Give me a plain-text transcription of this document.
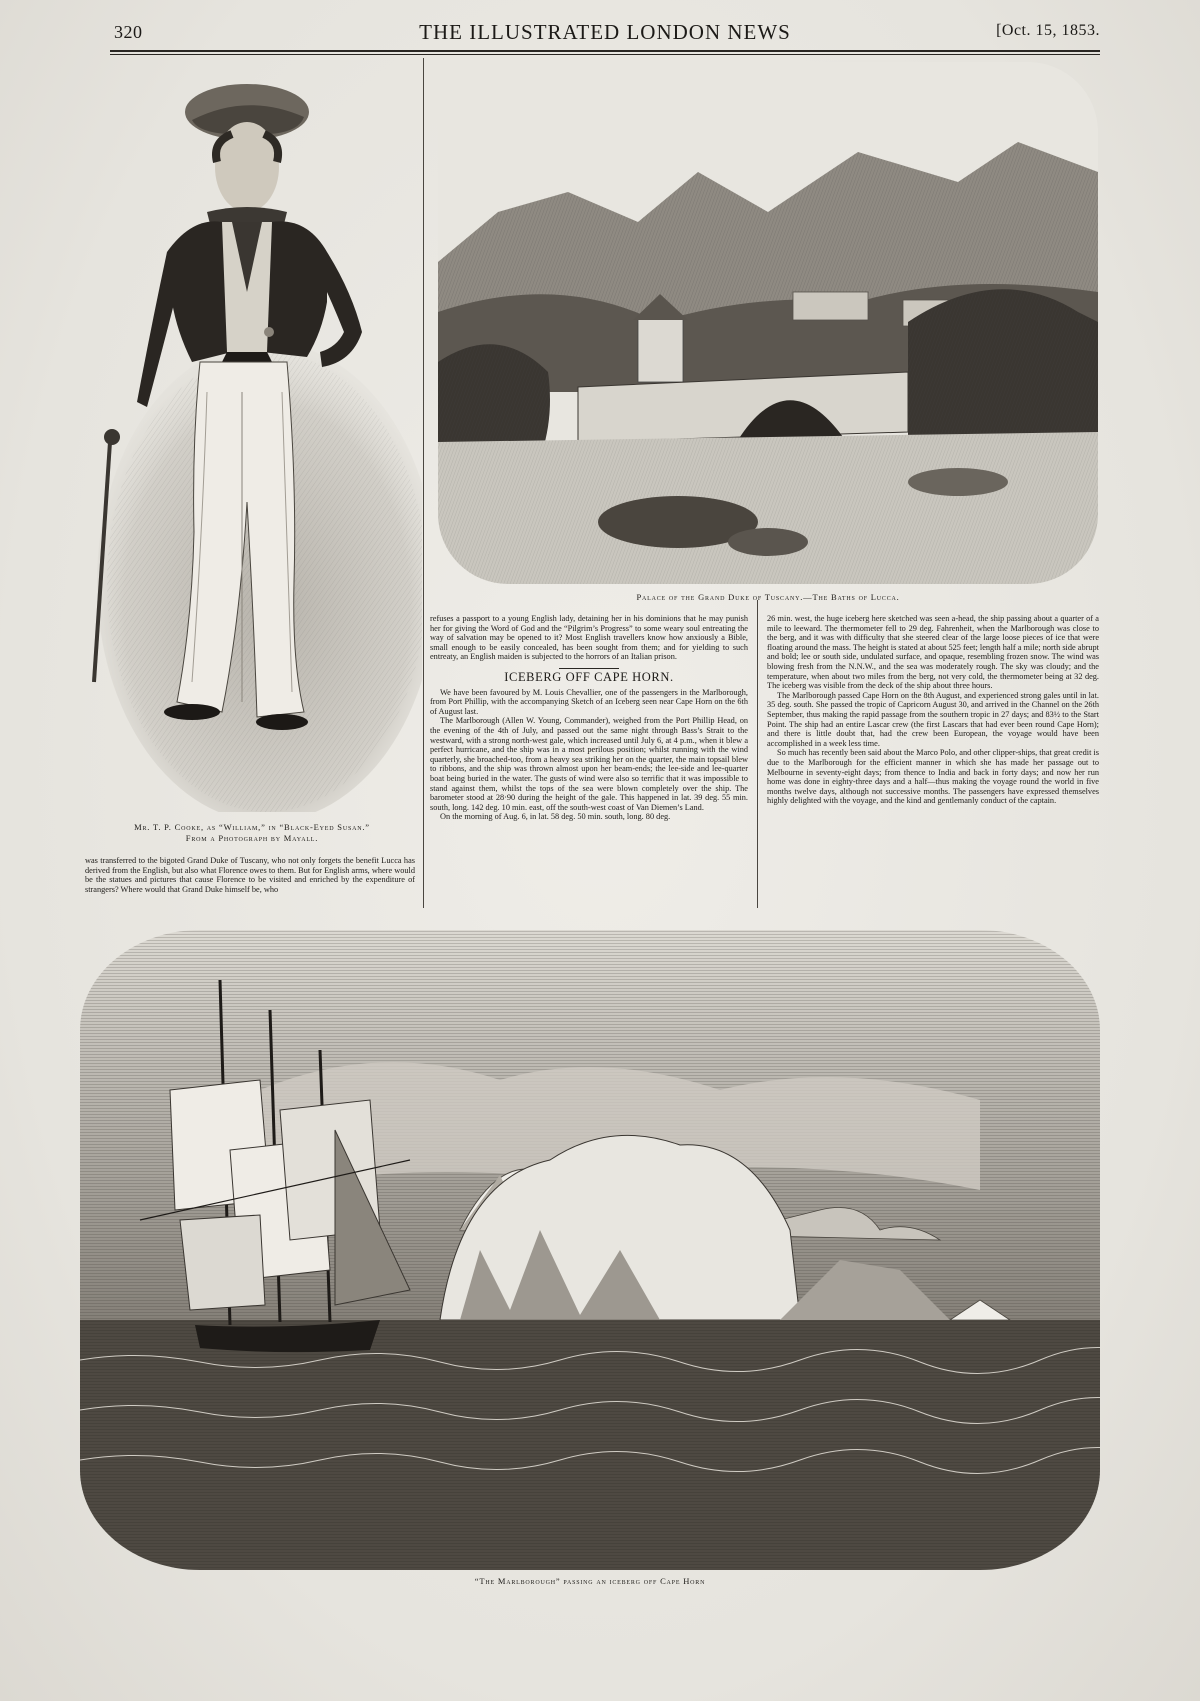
320	THE ILLUSTRATED LONDON NEWS	[Oct. 15, 1853.
Mr. T. P. Cooke, as “William,” in “Black-Eyed Susan.”
From a Photograph by Mayall.
Palace of the Grand Duke of Tuscany.—The Baths of Lucca.

was transferred to the bigoted Grand Duke of Tuscany, who not only forgets the benefit Lucca has derived from the English, but also what Florence owes to them. But for English arms, where would be the statues and pictures that cause Florence to be visited and enriched by the expenditure of strangers? Where would that Grand Duke himself be, who

refuses a passport to a young English lady, detaining her in his dominions that he may punish her for giving the Word of God and the “Pilgrim’s Progress” to some weary soul entreating the way of salvation may be opened to it? Most English travellers know how anxiously a Bible, small enough to be easily concealed, has been sought from them; and for yielding to such entreaty, an English maiden is subjected to the horrors of an Italian prison.

ICEBERG OFF CAPE HORN.

We have been favoured by M. Louis Chevallier, one of the passengers in the Marlborough, from Port Phillip, with the accompanying Sketch of an Iceberg seen near Cape Horn on the 6th of August last.

The Marlborough (Allen W. Young, Commander), weighed from the Port Phillip Head, on the evening of the 4th of July, and passed out the same night through Bass’s Strait to the westward, with a strong north-west gale, which increased until July 6, at 4 p.m., when it blew a perfect hurricane, and the ship was in a most perilous position; whilst running with the wind quarterly, she broached-too, from a heavy sea striking her on the quarter, the main topsail blew to ribbons, and the ship was thrown almost upon her beam-ends; the lee-side and lee-quarter boat being buried in the water. The gusts of wind were also so terrific that it was impossible to stand against them, whilst the tops of the sea were blown completely over the ship. The barometer stood at 28·90 during the height of the gale. This happened in lat. 39 deg. 55 min. south, long. 142 deg. 10 min. east, off the south-west coast of Van Diemen’s Land.

On the morning of Aug. 6, in lat. 58 deg. 50 min. south, long. 80 deg.

26 min. west, the huge iceberg here sketched was seen a-head, the ship passing about a quarter of a mile to leeward. The thermometer fell to 29 deg. Fahrenheit, when the Marlborough was close to the berg, and it was with difficulty that she steered clear of the large loose pieces of ice that were floating around the mass. The height is stated at about 525 feet; length half a mile; north side abrupt and bold; lee or south side, undulated surface, and opaque, resembling frozen snow. The wind was blowing fresh from the N.N.W., and the sea was moderately rough. The sky was cloudy; and the temperature, when about two miles from the berg, not very cold, the thermometer being at 32 deg. The iceberg was visible from the deck of the ship about three hours.

The Marlborough passed Cape Horn on the 8th August, and experienced strong gales until in lat. 35 deg. south. She passed the tropic of Capricorn August 30, and arrived in the Channel on the 26th September, thus making the rapid passage from the southern tropic in 27 days; and 83½ to the Start Point. The ship had an entire Lascar crew (the first Lascars that had ever been round Cape Horn); and there is little doubt that, had the crew been European, the voyage would have been accomplished in a week less time.

So much has recently been said about the Marco Polo, and other clipper-ships, that great credit is due to the Marlborough for the efficient manner in which she has made her passage out to Melbourne in seventy-eight days; from thence to India and back in forty days; and now her run home was done in eighty-three days and a half—thus making the voyage round the world in five months twelve days, although not successive months. The passengers have expressed themselves highly delighted with the voyage, and the kind and gentlemanly conduct of the captain.

“The Marlborough” passing an iceberg off Cape Horn
